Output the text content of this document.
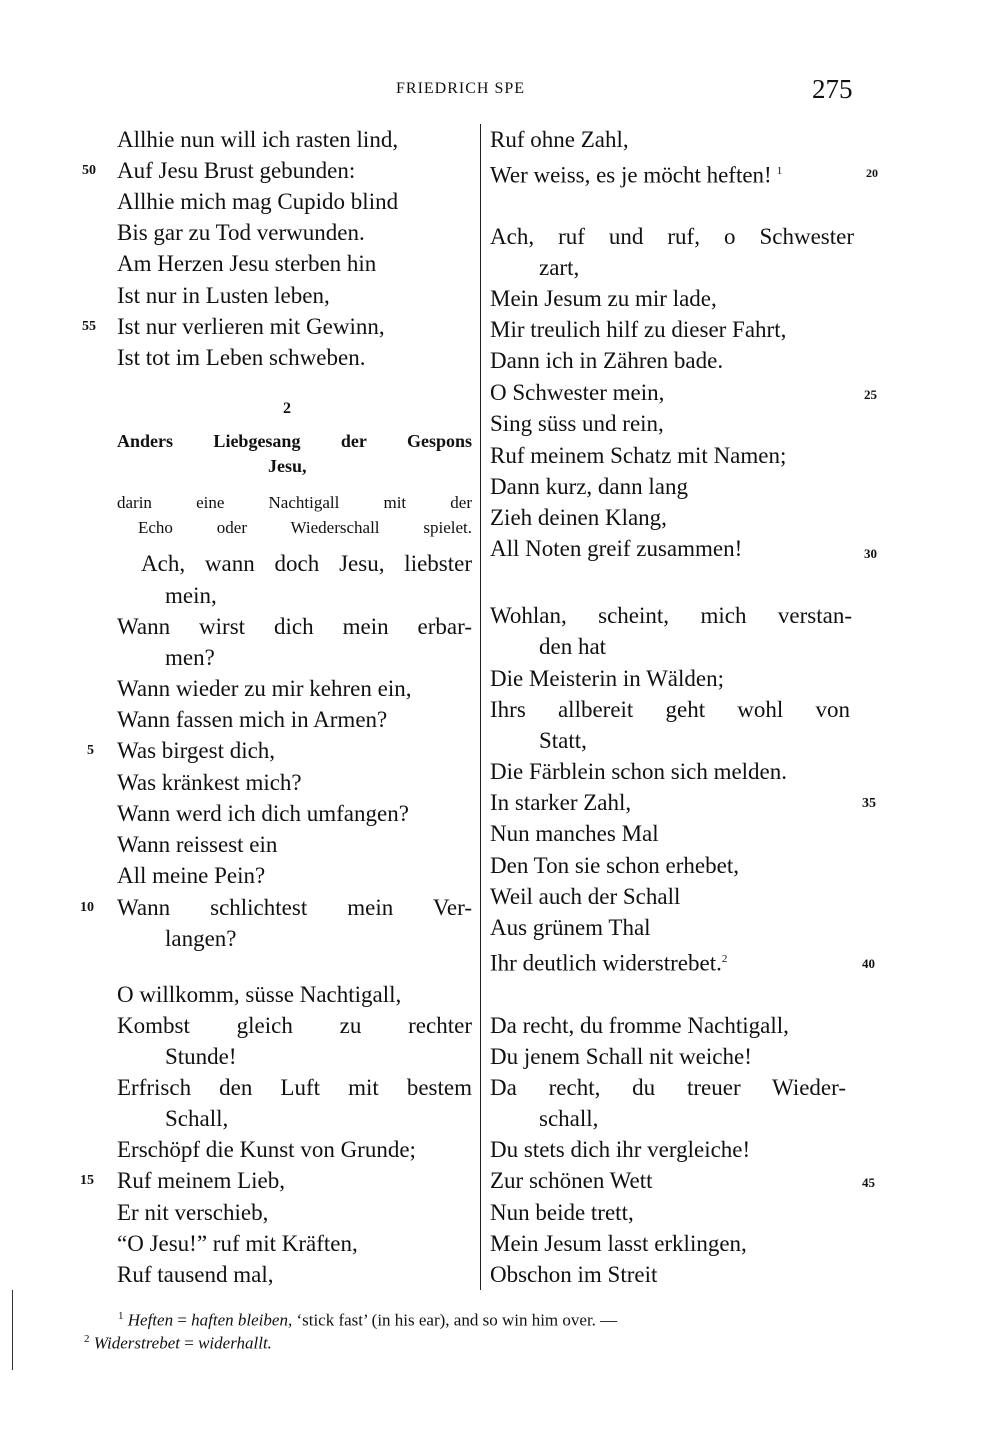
FRIEDRICH SPE	275
Allhie nun will ich rasten lind,
50 Auf Jesu Brust gebunden:
Allhie mich mag Cupido blind
Bis gar zu Tod verwunden.
Am Herzen Jesu sterben hin
Ist nur in Lusten leben,
55 Ist nur verlieren mit Gewinn,
Ist tot im Leben schweben.
2
Anders Liebgesang der Gespons
Jesu,
darin eine Nachtigall mit der
Echo oder Wiederschall spielet.
Ach, wann doch Jesu, liebster
mein,
Wann wirst dich mein erbar-
men?
Wann wieder zu mir kehren ein,
Wann fassen mich in Armen?
5 Was birgest dich,
Was kränkest mich?
Wann werd ich dich umfangen?
Wann reissest ein
All meine Pein?
10 Wann schlichtest mein Ver-
langen?
O willkomm, süsse Nachtigall,
Kombst gleich zu rechter
Stunde!
Erfrisch den Luft mit bestem
Schall,
Erschöpf die Kunst von Grunde;
15 Ruf meinem Lieb,
Er nit verschieb,
“O Jesu!” ruf mit Kräften,
Ruf tausend mal,
Ruf ohne Zahl,
Wer weiss, es je möcht heften! $^1$	20
Ach, ruf und ruf, o Schwester
zart,
Mein Jesum zu mir lade,
Mir treulich hilf zu dieser Fahrt,
Dann ich in Zähren bade.
O Schwester mein,	25
Sing süss und rein,
Ruf meinem Schatz mit Namen;
Dann kurz, dann lang
Zieh deinen Klang,
All Noten greif zusammen!	30
Wohlan, scheint, mich verstan-
den hat
Die Meisterin in Wälden;
Ihrs allbereit geht wohl von
Statt,
Die Färblein schon sich melden.
In starker Zahl,	35
Nun manches Mal
Den Ton sie schon erhebet,
Weil auch der Schall
Aus grünem Thal
Ihr deutlich widerstrebet.$^2$	40
Da recht, du fromme Nachtigall,
Du jenem Schall nit weiche!
Da recht, du treuer Wieder-
schall,
Du stets dich ihr vergleiche!
Zur schönen Wett	45
Nun beide trett,
Mein Jesum lasst erklingen,
Obschon im Streit
$^1$ Heften = haften bleiben, ‘stick fast’ (in his ear), and so win him over. —
$^2$ Widerstrebet = widerhallt.
